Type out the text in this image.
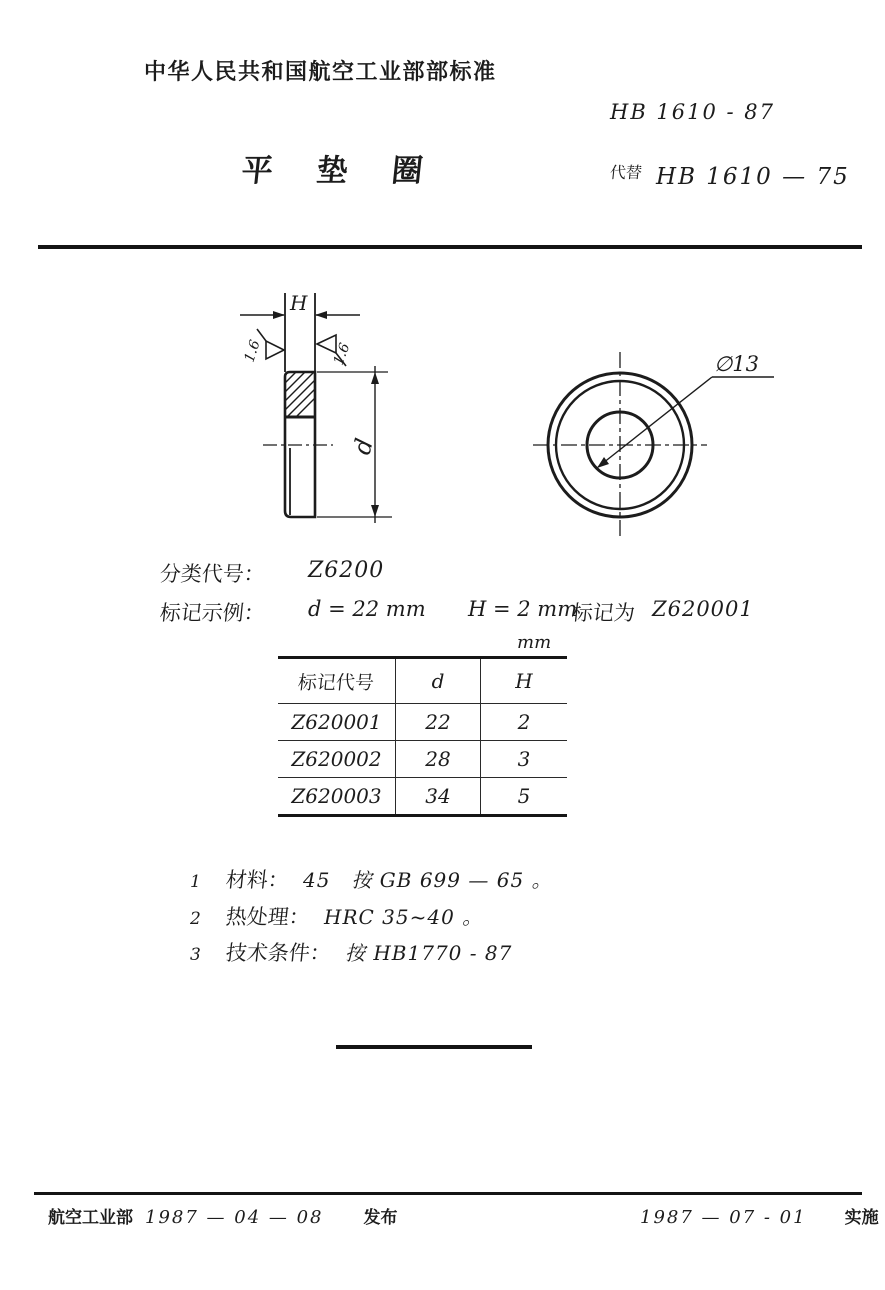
中华人民共和国航空工业部部标准
HB 1610 - 87
平垫圈	代替 HB 1610 — 75
H
1.6	1.6
d
∅13
分类代号： Z6200
标记示例： d = 22 mm H = 2 mm
标记为 Z620001
mm
标记代号	d	H
Z620001 22	2
Z620002 28	3
Z620003 34	5
1 材料： 45　按 GB 699 — 65 。
2 热处理： HRC 35~40 。
3 技术条件： 按 HB1770 - 87
航空工业部 1987 — 04 — 08 发布	1987 — 07 - 01 实施
